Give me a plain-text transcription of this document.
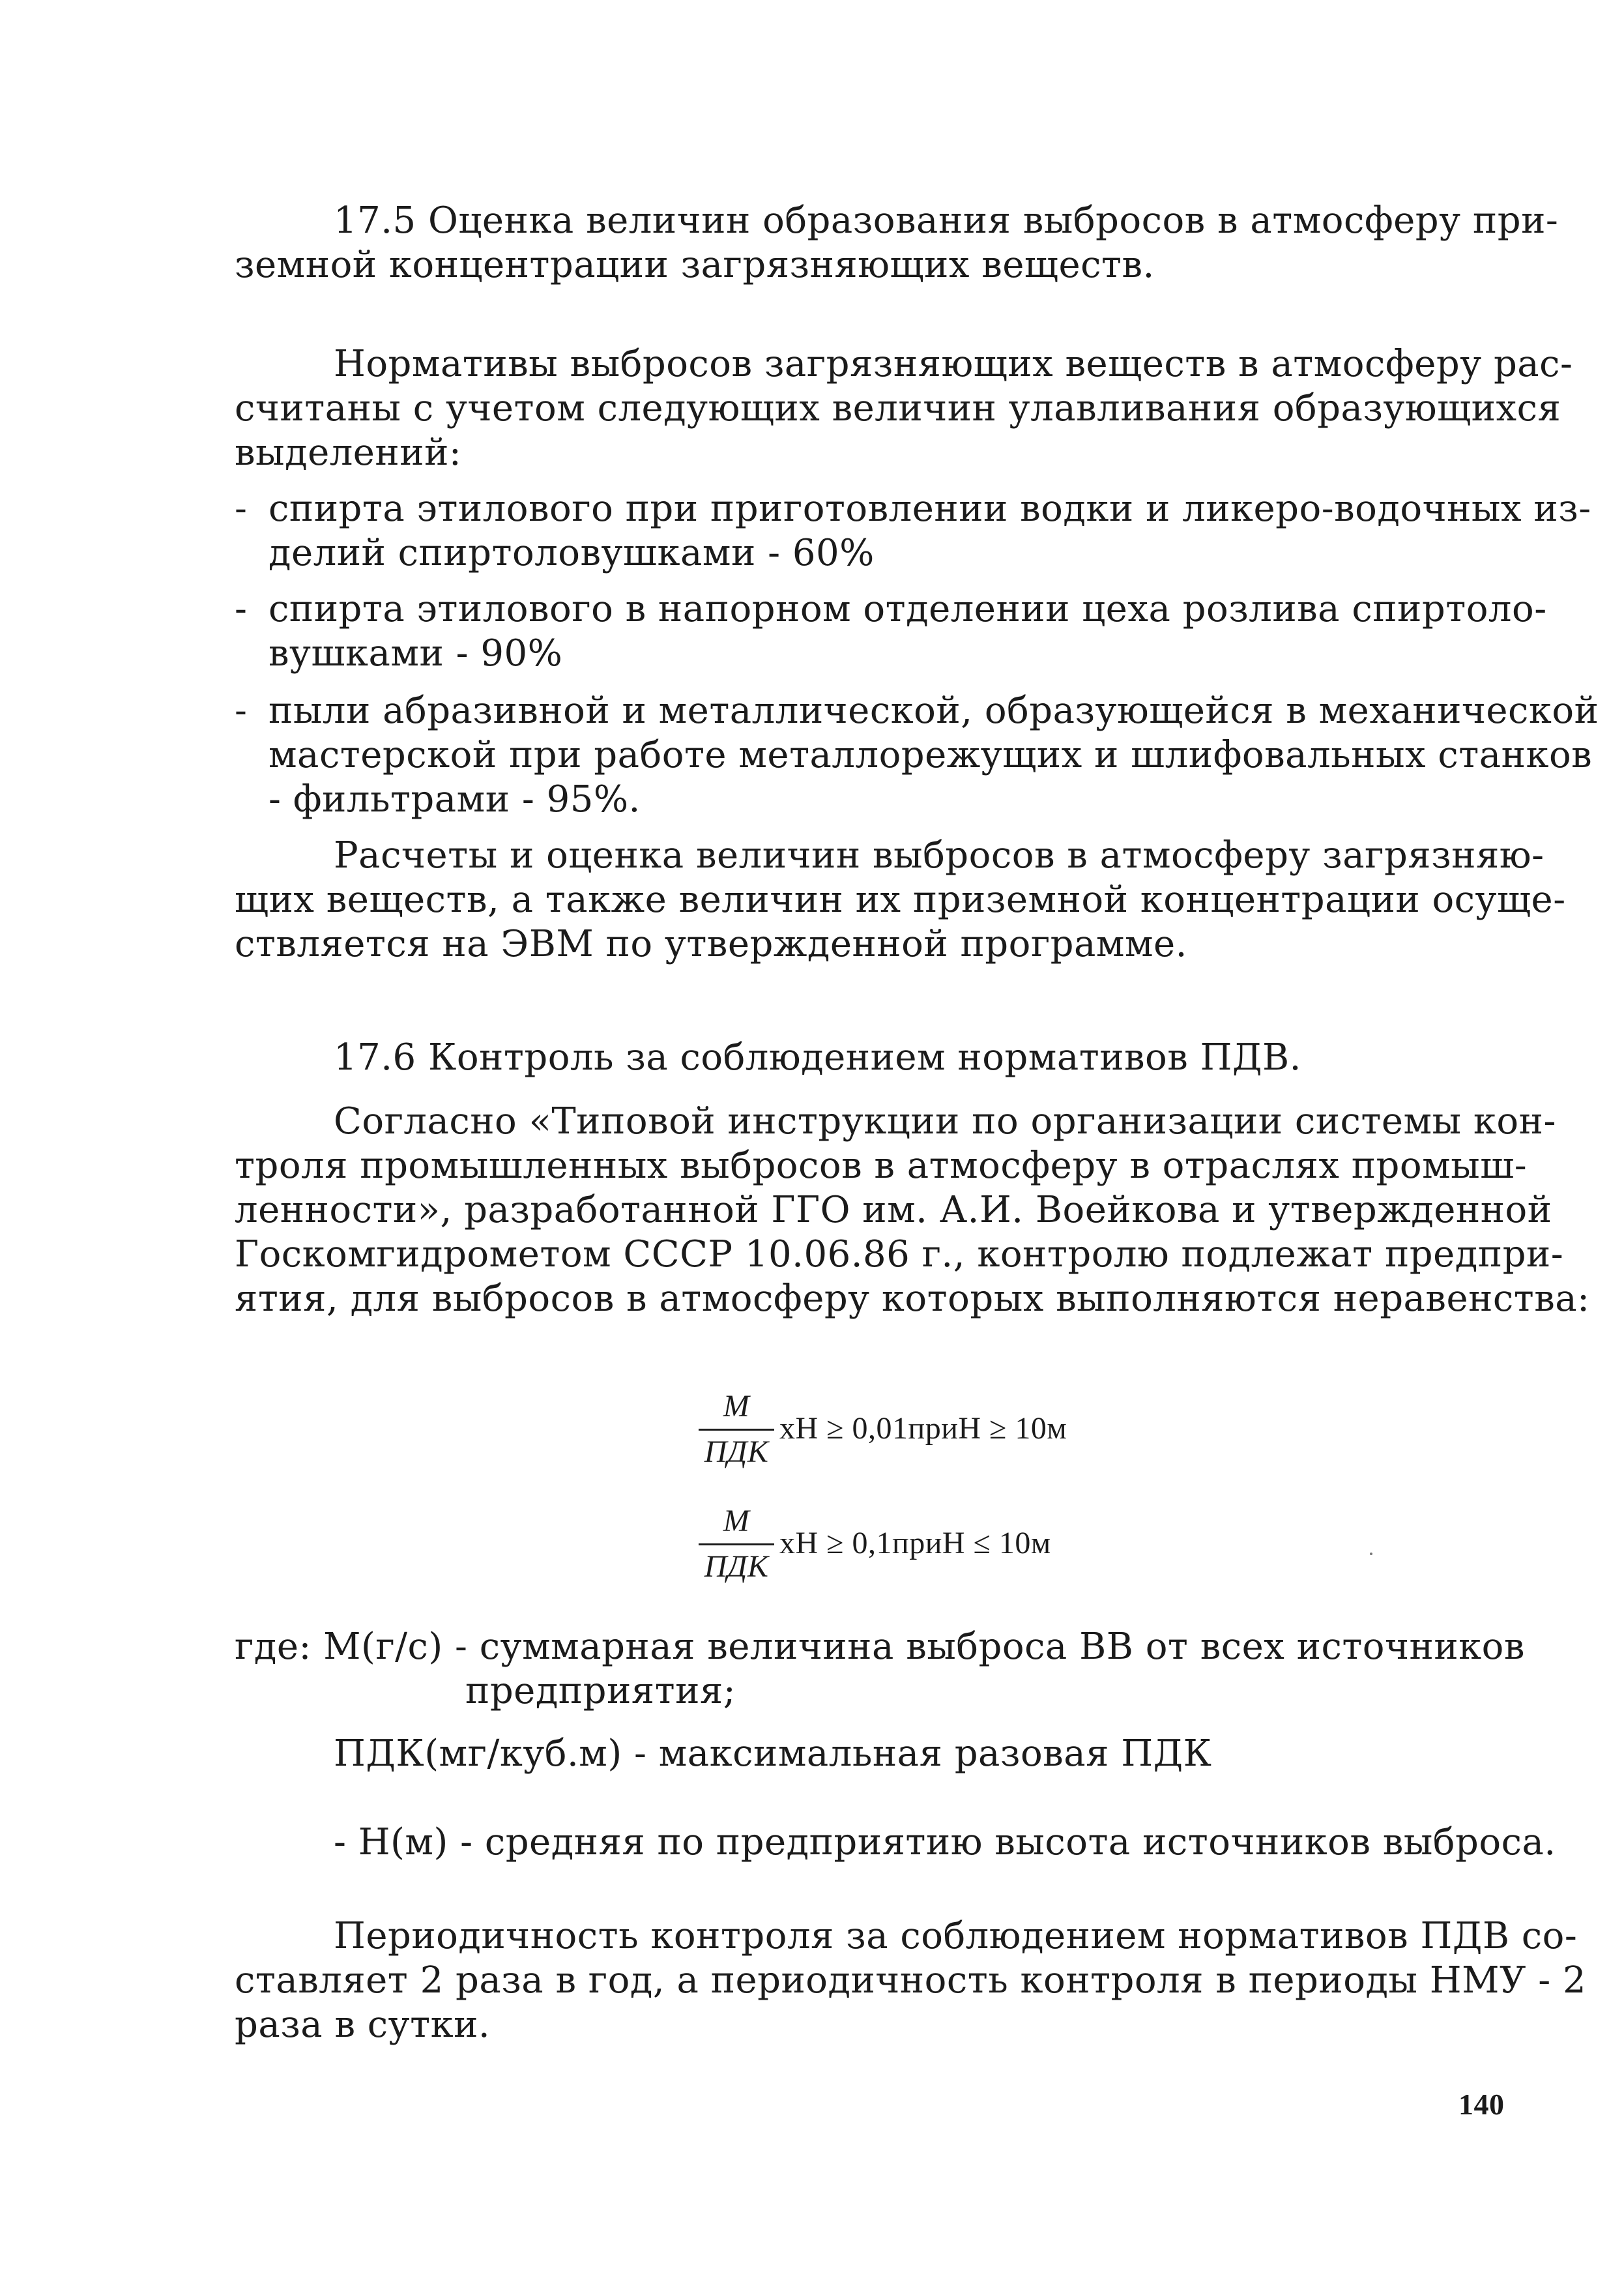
17.5 Оценка величин образования выбросов в атмосферу при-
земной концентрации загрязняющих веществ.
Нормативы выбросов загрязняющих веществ в атмосферу рас-
считаны с учетом следующих величин улавливания образующихся
выделений:
- спирта этилового при приготовлении водки и ликеро-водочных из-
делий спиртоловушками - 60%
- спирта этилового в напорном отделении цеха розлива спиртоло-
вушками - 90%
- пыли абразивной и металлической, образующейся в механической
мастерской при работе металлорежущих и шлифовальных станков
- фильтрами - 95%.
Расчеты и оценка величин выбросов в атмосферу загрязняю-
щих веществ, а также величин их приземной концентрации осуще-
ствляется на ЭВМ по утвержденной программе.
17.6 Контроль за соблюдением нормативов ПДВ.
Согласно «Типовой инструкции по организации системы кон-
троля промышленных выбросов в атмосферу в отраслях промыш-
ленности», разработанной ГГО им. А.И. Воейкова и утвержденной
Госкомгидрометом СССР 10.06.86 г., контролю подлежат предпри-
ятия, для выбросов в атмосферу которых выполняются неравенства:
M
ПДК
xH ≥ 0,01приH ≥ 10м
M
ПДК
xH ≥ 0,1приH ≤ 10м
где: М(г/с) - суммарная величина выброса ВВ от всех источников
предприятия;
ПДК(мг/куб.м) - максимальная разовая ПДК
- Н(м) - средняя по предприятию высота источников выброса.
Периодичность контроля за соблюдением нормативов ПДВ со-
ставляет 2 раза в год, а периодичность контроля в периоды НМУ - 2
раза в сутки.
140
